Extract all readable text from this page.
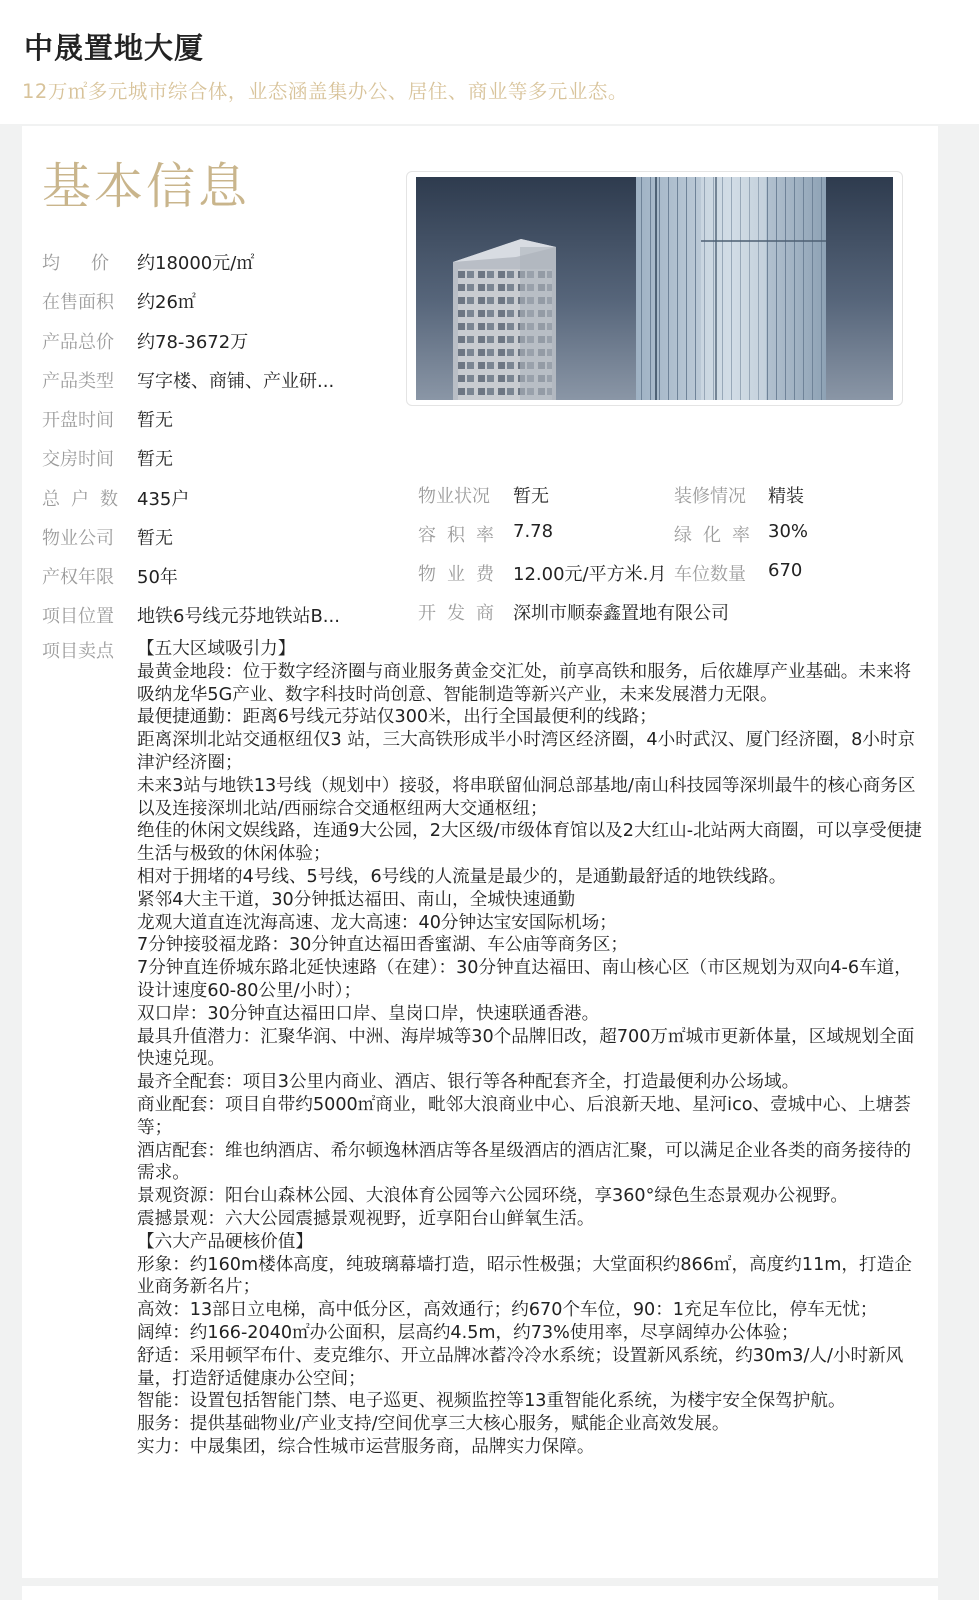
中晟置地大厦
12万㎡多元城市综合体，业态涵盖集办公、居住、商业等多元业态。
基本信息
均价
约18000元/㎡
在售面积 约26㎡
产品总价 约78-3672万
产品类型 写字楼、商铺、产业研...
开盘时间 暂无
交房时间 暂无
总户数 435户
物业公司 暂无
产权年限 50年
项目位置 地铁6号线元芬地铁站B...
物业状况 暂无
容积率 7.78
物业费 12.00元/平方米.月
开发商 深圳市顺泰鑫置地有限公司
装修情况 精装
绿化率 30%
车位数量 670
项目卖点 【五大区域吸引力】

最黄金地段：位于数字经济圈与商业服务黄金交汇处，前享高铁和服务，后依雄厚产业基础。未来将吸纳龙华5G产业、数字科技时尚创意、智能制造等新兴产业，未来发展潜力无限。

最便捷通勤：距离6号线元芬站仅300米，出行全国最便利的线路；

距离深圳北站交通枢纽仅3 站，三大高铁形成半小时湾区经济圈，4小时武汉、厦门经济圈，8小时京津沪经济圈；

未来3站与地铁13号线（规划中）接驳，将串联留仙洞总部基地/南山科技园等深圳最牛的核心商务区以及连接深圳北站/西丽综合交通枢纽两大交通枢纽；

绝佳的休闲文娱线路，连通9大公园，2大区级/市级体育馆以及2大红山-北站两大商圈，可以享受便捷生活与极致的休闲体验；

相对于拥堵的4号线、5号线，6号线的人流量是最少的，是通勤最舒适的地铁线路。

紧邻4大主干道，30分钟抵达福田、南山，全城快速通勤

龙观大道直连沈海高速、龙大高速：40分钟达宝安国际机场；

7分钟接驳福龙路：30分钟直达福田香蜜湖、车公庙等商务区；

7分钟直连侨城东路北延快速路（在建）：30分钟直达福田、南山核心区（市区规划为双向4-6车道，设计速度60-80公里/小时）；

双口岸：30分钟直达福田口岸、皇岗口岸，快速联通香港。

最具升值潜力：汇聚华润、中洲、海岸城等30个品牌旧改，超700万㎡城市更新体量，区域规划全面快速兑现。

最齐全配套：项目3公里内商业、酒店、银行等各种配套齐全，打造最便利办公场域。

商业配套：项目自带约5000㎡商业，毗邻大浪商业中心、后浪新天地、星河ico、壹城中心、上塘荟等；

酒店配套：维也纳酒店、希尔顿逸林酒店等各星级酒店的酒店汇聚，可以满足企业各类的商务接待的需求。

景观资源：阳台山森林公园、大浪体育公园等六公园环绕，享360°绿色生态景观办公视野。

震撼景观：六大公园震撼景观视野，近享阳台山鲜氧生活。

【六大产品硬核价值】

形象：约160m楼体高度，纯玻璃幕墙打造，昭示性极强；大堂面积约866㎡，高度约11m，打造企业商务新名片；

高效：13部日立电梯，高中低分区，高效通行；约670个车位，90：1充足车位比，停车无忧；

阔绰：约166-2040㎡办公面积，层高约4.5m，约73%使用率，尽享阔绰办公体验；

舒适：采用顿罕布什、麦克维尔、开立品牌冰蓄冷冷水系统；设置新风系统，约30m3/人/小时新风量，打造舒适健康办公空间；

智能：设置包括智能门禁、电子巡更、视频监控等13重智能化系统，为楼宇安全保驾护航。

服务：提供基础物业/产业支持/空间优享三大核心服务，赋能企业高效发展。

实力：中晟集团，综合性城市运营服务商，品牌实力保障。
